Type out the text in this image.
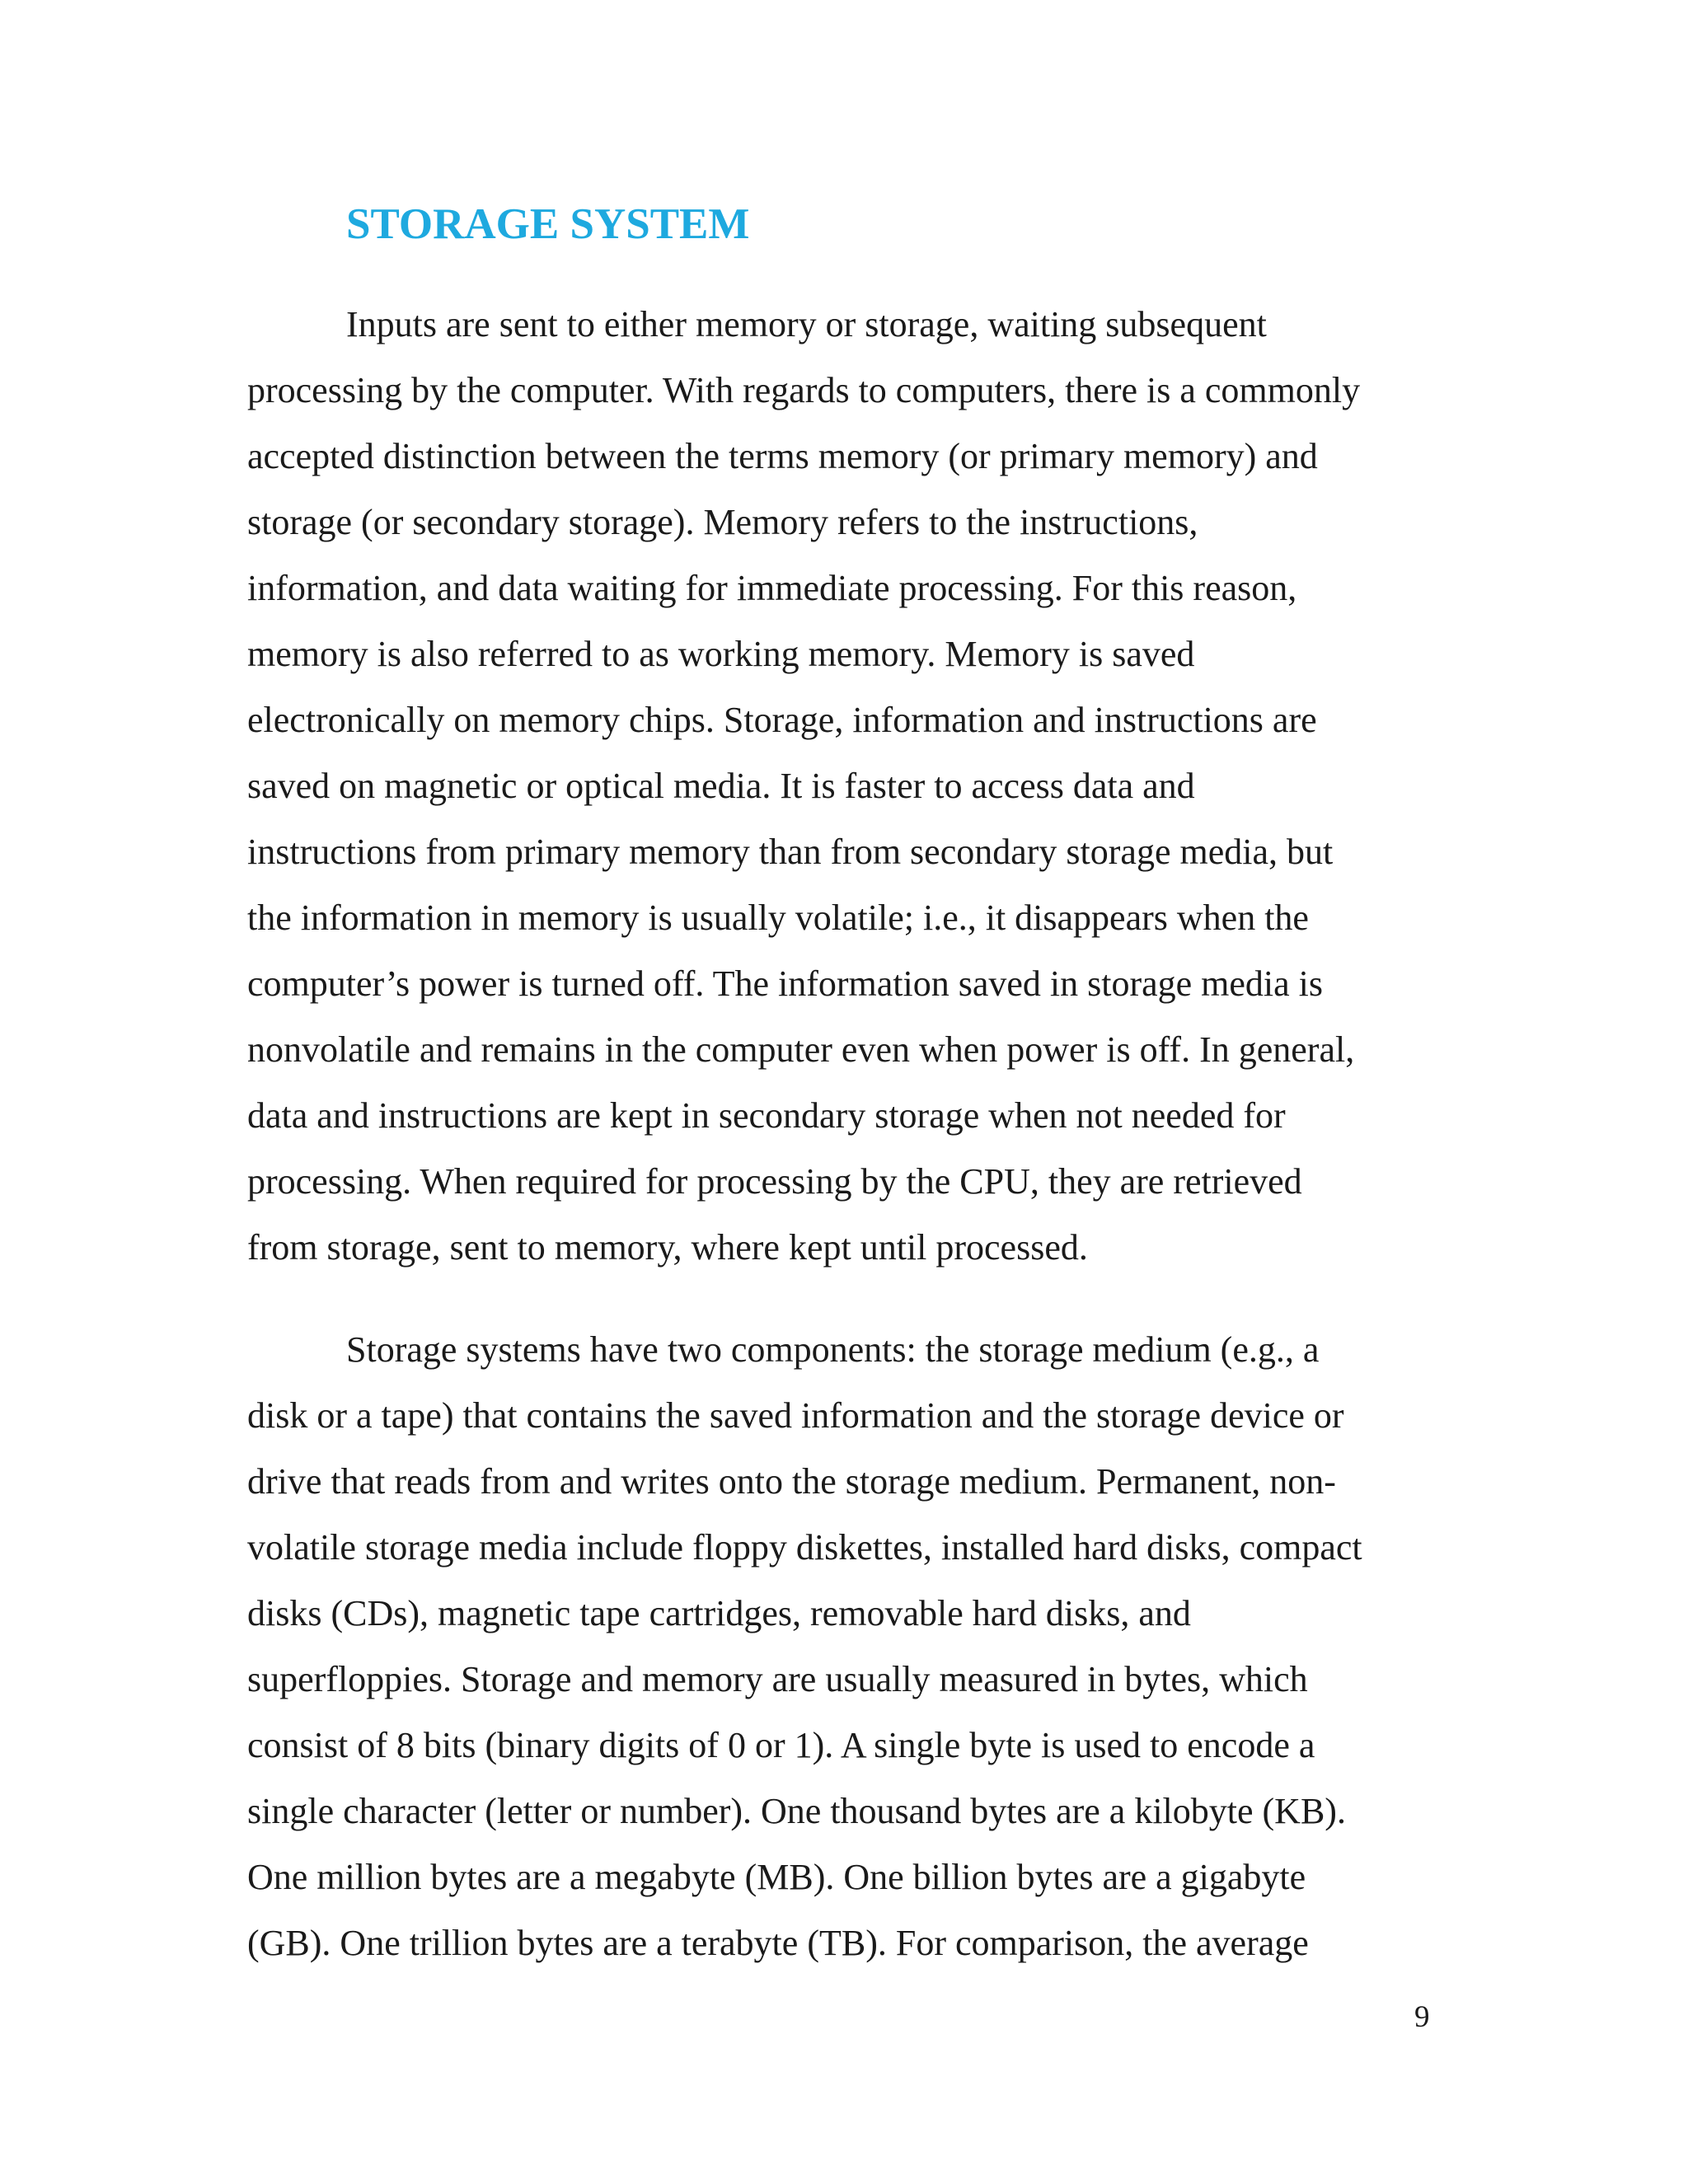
STORAGE SYSTEM

Inputs are sent to either memory or storage, waiting subsequent

processing by the computer. With regards to computers, there is a commonly

accepted distinction between the terms memory (or primary memory) and

storage (or secondary storage). Memory refers to the instructions,

information, and data waiting for immediate processing. For this reason,

memory is also referred to as working memory. Memory is saved

electronically on memory chips. Storage, information and instructions are

saved on magnetic or optical media. It is faster to access data and

instructions from primary memory than from secondary storage media, but

the information in memory is usually volatile; i.e., it disappears when the

computer’s power is turned off. The information saved in storage media is

nonvolatile and remains in the computer even when power is off. In general,

data and instructions are kept in secondary storage when not needed for

processing. When required for processing by the CPU, they are retrieved

from storage, sent to memory, where kept until processed.

Storage systems have two components: the storage medium (e.g., a

disk or a tape) that contains the saved information and the storage device or

drive that reads from and writes onto the storage medium. Permanent, non-

volatile storage media include floppy diskettes, installed hard disks, compact

disks (CDs), magnetic tape cartridges, removable hard disks, and

superfloppies. Storage and memory are usually measured in bytes, which

consist of 8 bits (binary digits of 0 or 1). A single byte is used to encode a

single character (letter or number). One thousand bytes are a kilobyte (KB).

One million bytes are a megabyte (MB). One billion bytes are a gigabyte

(GB). One trillion bytes are a terabyte (TB). For comparison, the average

9
